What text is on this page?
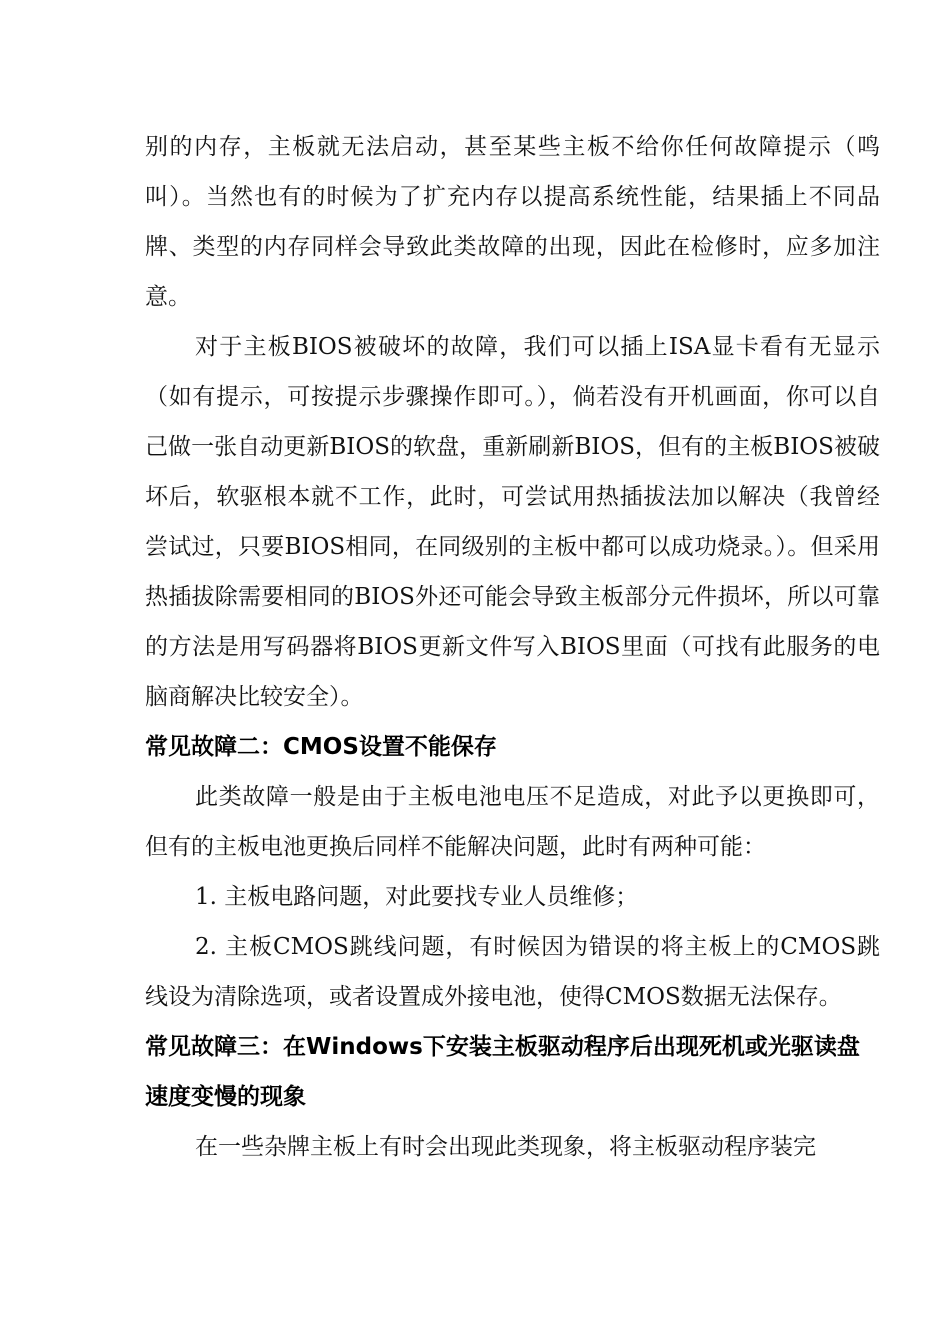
别的内存，主板就无法启动，甚至某些主板不给你任何故障提示（鸣叫）。当然也有的时候为了扩充内存以提高系统性能，结果插上不同品牌、类型的内存同样会导致此类故障的出现，因此在检修时，应多加注意。

对于主板BIOS被破坏的故障，我们可以插上ISA显卡看有无显示（如有提示，可按提示步骤操作即可。），倘若没有开机画面，你可以自己做一张自动更新BIOS的软盘，重新刷新BIOS，但有的主板BIOS被破坏后，软驱根本就不工作，此时，可尝试用热插拔法加以解决（我曾经尝试过，只要BIOS相同，在同级别的主板中都可以成功烧录。）。但采用热插拔除需要相同的BIOS外还可能会导致主板部分元件损坏，所以可靠的方法是用写码器将BIOS更新文件写入BIOS里面（可找有此服务的电脑商解决比较安全）。

常见故障二：CMOS设置不能保存

此类故障一般是由于主板电池电压不足造成，对此予以更换即可，但有的主板电池更换后同样不能解决问题，此时有两种可能：

1. 主板电路问题，对此要找专业人员维修；

2. 主板CMOS跳线问题，有时候因为错误的将主板上的CMOS跳线设为清除选项，或者设置成外接电池，使得CMOS数据无法保存。

常见故障三：在Windows下安装主板驱动程序后出现死机或光驱读盘速度变慢的现象

在一些杂牌主板上有时会出现此类现象，将主板驱动程序装完
